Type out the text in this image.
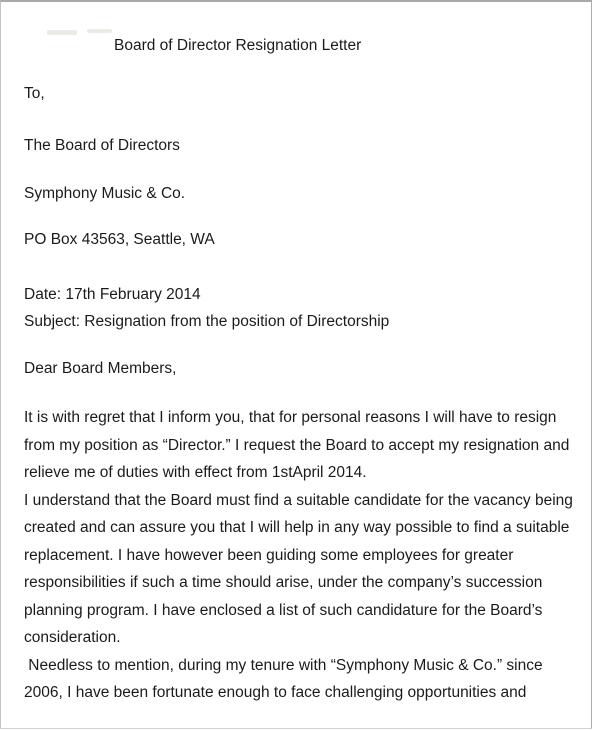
Board of Director Resignation Letter
To,
The Board of Directors
Symphony Music & Co.
PO Box 43563, Seattle, WA
Date: 17th February 2014
Subject: Resignation from the position of Directorship
Dear Board Members,
It is with regret that I inform you, that for personal reasons I will have to resign
from my position as “Director.” I request the Board to accept my resignation and
relieve me of duties with effect from 1stApril 2014.
I understand that the Board must find a suitable candidate for the vacancy being
created and can assure you that I will help in any way possible to find a suitable
replacement. I have however been guiding some employees for greater
responsibilities if such a time should arise, under the company’s succession
planning program. I have enclosed a list of such candidature for the Board’s
consideration.
Needless to mention, during my tenure with “Symphony Music & Co.” since
2006, I have been fortunate enough to face challenging opportunities and
